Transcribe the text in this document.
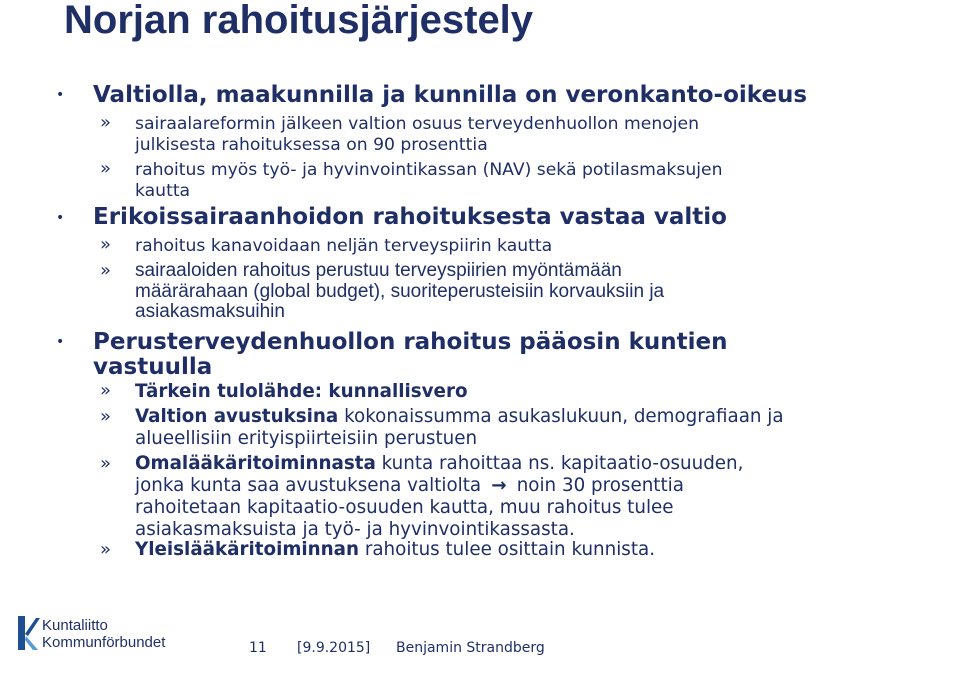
Norjan rahoitusjärjestely
• Valtiolla, maakunnilla ja kunnilla on veronkanto-oikeus
» sairaalareformin jälkeen valtion osuus terveydenhuollon menojen
julkisesta rahoituksessa on 90 prosenttia
» rahoitus myös työ- ja hyvinvointikassan (NAV) sekä potilasmaksujen
kautta
• Erikoissairaanhoidon rahoituksesta vastaa valtio
» rahoitus kanavoidaan neljän terveyspiirin kautta
» sairaaloiden rahoitus perustuu terveyspiirien myöntämään
määrärahaan (global budget), suoriteperusteisiin korvauksiin ja
asiakasmaksuihin
• Perusterveydenhuollon rahoitus pääosin kuntien
vastuulla
» Tärkein tulolähde: kunnallisvero
» Valtion avustuksina kokonaissumma asukaslukuun, demografiaan ja
alueellisiin erityispiirteisiin perustuen
» Omalääkäritoiminnasta kunta rahoittaa ns. kapitaatio-osuuden,
jonka kunta saa avustuksena valtiolta → noin 30 prosenttia
rahoitetaan kapitaatio-osuuden kautta, muu rahoitus tulee
asiakasmaksuista ja työ- ja hyvinvointikassasta.
» Yleislääkäritoiminnan rahoitus tulee osittain kunnista.
Kuntaliitto
Kommunförbundet	11 [9.9.2015] Benjamin Strandberg
